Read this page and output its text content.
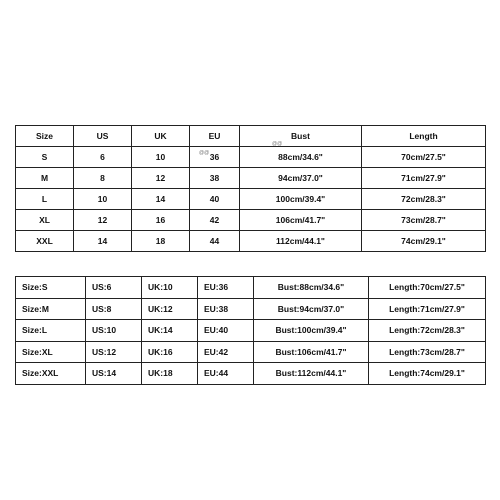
Size	US	UK	EU	Bust	Length
S	6	10	36	88cm/34.6"	70cm/27.5"
M	8	12	38	94cm/37.0"	71cm/27.9"
L	10	14	40	100cm/39.4"	72cm/28.3"
XL	12	16	42	106cm/41.7"	73cm/28.7"
XXL	14	18	44	112cm/44.1"	74cm/29.1"
@@
@@
Size:S	US:6	UK:10	EU:36	Bust:88cm/34.6"	Length:70cm/27.5"
Size:M	US:8	UK:12	EU:38	Bust:94cm/37.0"	Length:71cm/27.9"
Size:L	US:10	UK:14	EU:40	Bust:100cm/39.4"	Length:72cm/28.3"
Size:XL	US:12	UK:16	EU:42	Bust:106cm/41.7"	Length:73cm/28.7"
Size:XXL	US:14	UK:18	EU:44	Bust:112cm/44.1"	Length:74cm/29.1"
